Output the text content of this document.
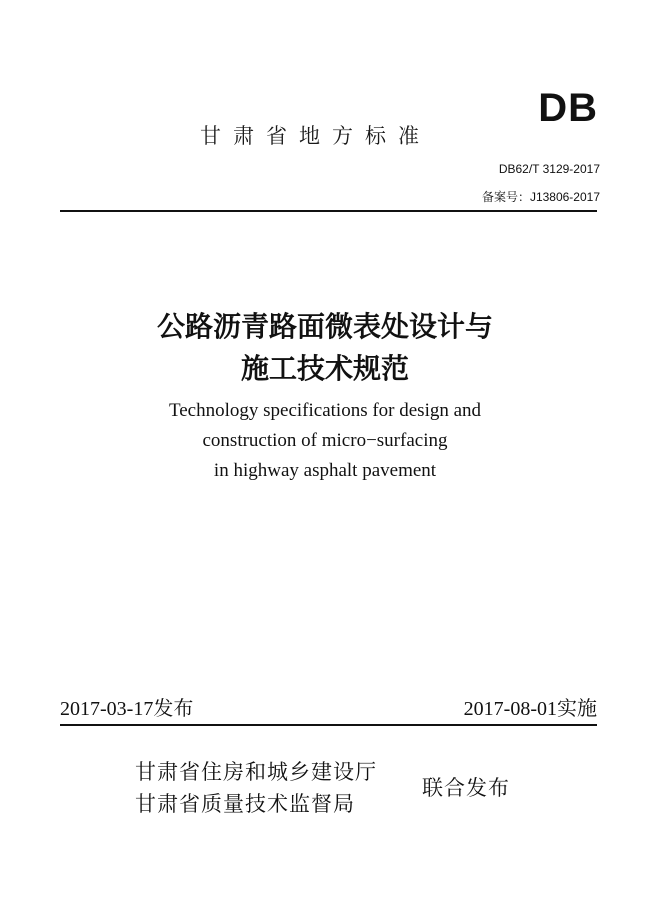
甘肃省地方标准
DB
DB62/T 3129-2017
备案号：J13806-2017
公路沥青路面微表处设计与
施工技术规范
Technology specifications for design and
construction of micro−surfacing
in highway asphalt pavement
2017-03-17发布	2017-08-01实施
甘肃省住房和城乡建设厅
甘肃省质量技术监督局
联合发布
